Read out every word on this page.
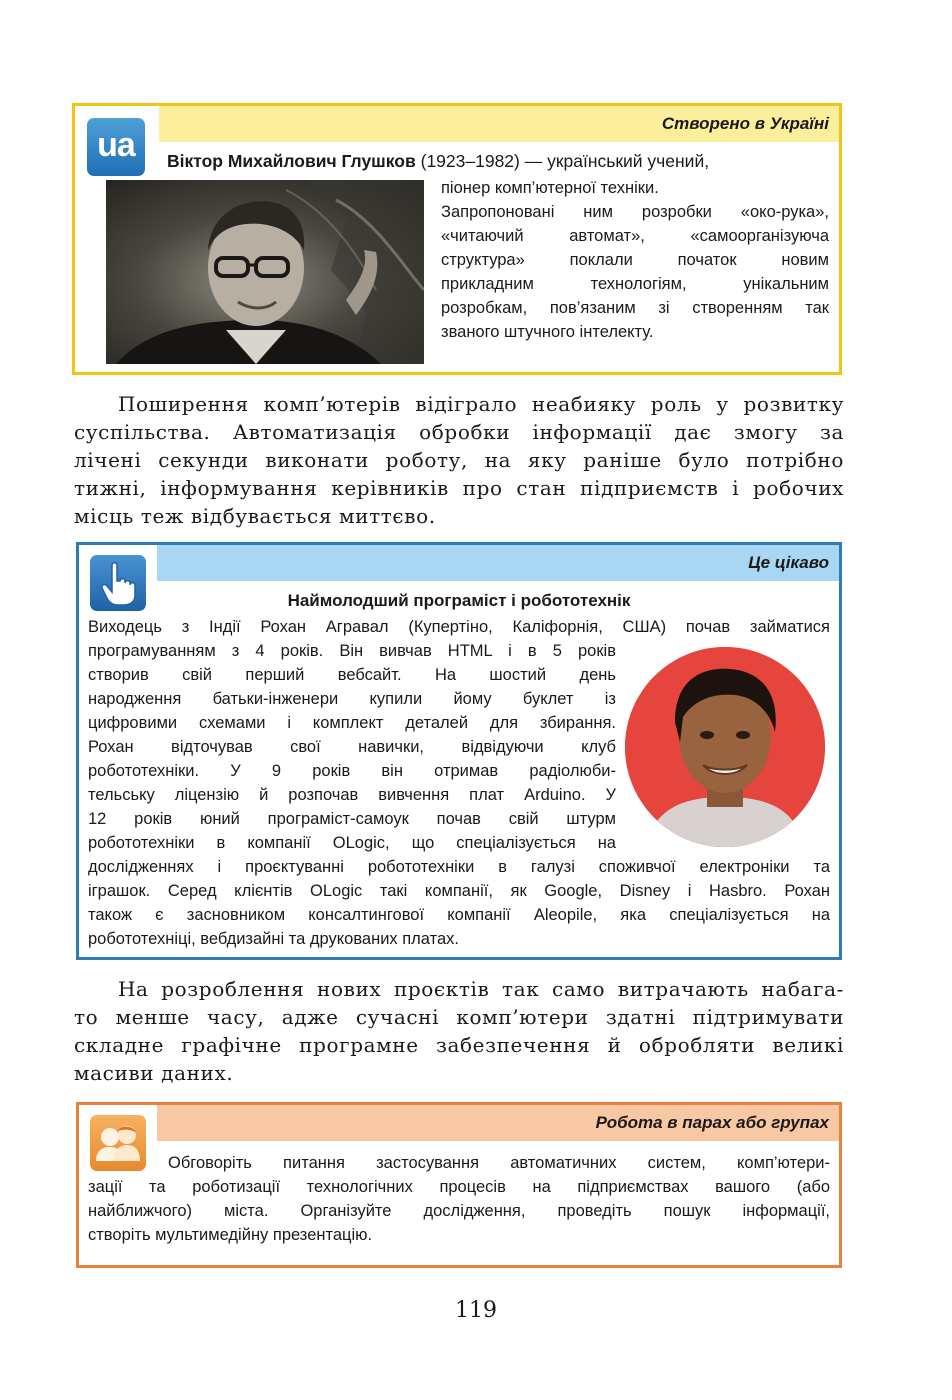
Створено в Україні
ua	Віктор Михайлович Глушков (1923–1982) — український учений,

піонер комп’ютерної техніки.

Запропоновані ним розробки «око-рука»,

«читаючий автомат», «самоорганізуюча

структура» поклали початок новим

прикладним технологіям, унікальним

розробкам, пов’язаним зі створенням так

званого штучного інтелекту.

Поширення комп’ютерів відіграло неабияку роль у розвитку

суспільства. Автоматизація обробки інформації дає змогу за

лічені секунди виконати роботу, на яку раніше було потрібно

тижні, інформування керівників про стан підприємств і робочих

місць теж відбувається миттєво.

Це цікаво
Наймолодший програміст і робототехнік

Виходець з Індії Рохан Агравал (Купертіно, Каліфорнія, США) почав займатися

програмуванням з 4 років. Він вивчав HTML і в 5 років

створив свій перший вебсайт. На шостий день

народження батьки-інженери купили йому буклет із

цифровими схемами і комплект деталей для збирання.

Рохан відточував свої навички, відвідуючи клуб

робототехніки. У 9 років він отримав радіолюби-

тельську ліцензію й розпочав вивчення плат Arduino. У

12 років юний програміст-самоук почав свій штурм

робототехніки в компанії OLogic, що спеціалізується на

дослідженнях і проєктуванні робототехніки в галузі споживчої електроніки та

іграшок. Серед клієнтів OLogic такі компанії, як Google, Disney і Hasbro. Рохан

також є засновником консалтингової компанії Aleopile, яка спеціалізується на

робототехніці, вебдизайні та друкованих платах.

На розроблення нових проєктів так само витрачають набага-

то менше часу, адже сучасні комп’ютери здатні підтримувати

складне графічне програмне забезпечення й обробляти великі

масиви даних.

Робота в парах або групах

Обговоріть питання застосування автоматичних систем, комп’ютери-

зації та роботизації технологічних процесів на підприємствах вашого (або

найближчого) міста. Організуйте дослідження, проведіть пошук інформації,

створіть мультимедійну презентацію.

119
